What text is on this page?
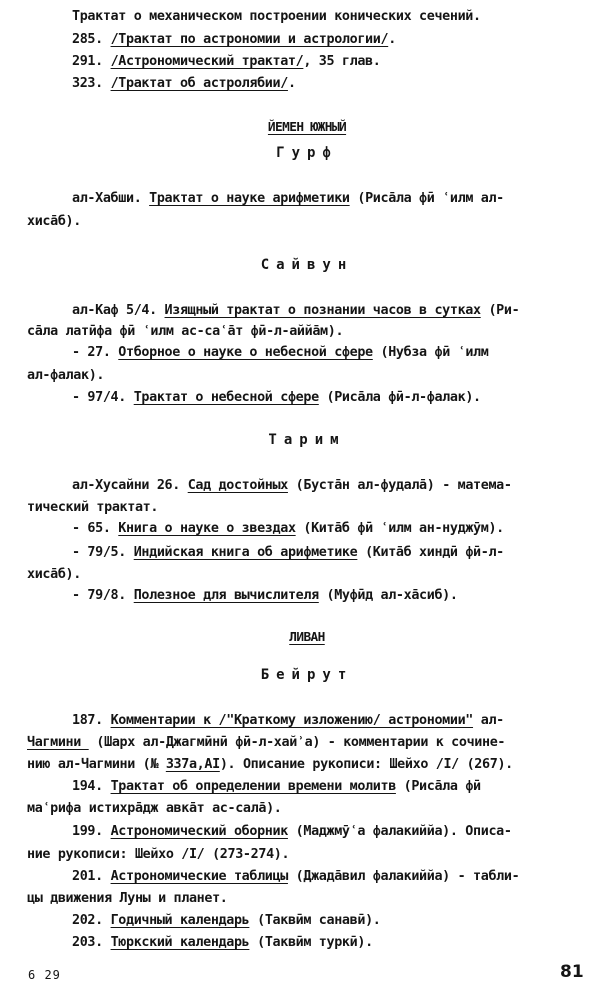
Трактат о механическом построении конических сечений.
285. /Трактат по астрономии и астрологии/.
291. /Астрономический трактат/, 35 глав.
323. /Трактат об астролябии/.
ЙЕМЕН ЮЖНЫЙ
Гурф
ал-Хабши. Трактат о науке арифметики (Рисāла фӣ ʿилм ал-
хисāб).
Сайвун
ал-Каф 5/4. Изящный трактат о познании часов в сутках (Ри-
сāла латӣфа фӣ ʿилм ас-саʿāт фӣ-л-аййāм).
- 27. Отборное о науке о небесной сфере (Нубза фӣ ʿилм
ал-фалак).
- 97/4. Трактат о небесной сфере (Рисāла фӣ-л-фалак).
Тарим
ал-Хусайни 26. Сад достойных (Бустāн ал-фудалā) - матема-
тический трактат.
- 65. Книга о науке о звездах (Китāб фӣ ʿилм ан-нуджӯм).
- 79/5. Индийская книга об арифметике (Китāб хиндӣ фӣ-л-
хисāб).
- 79/8. Полезное для вычислителя (Муфӣд ал-хāсиб).
ЛИВАН
Бейрут
187. Комментарии к /"Краткому изложению/ астрономии" ал-
Чагмини  (Шарх ал-Джагмӣнӣ фӣ-л-хайʾа) - комментарии к сочине-
нию ал-Чагмини (№ 337а,АI). Описание рукописи: Шейхо /I/ (267).
194. Трактат об определении времени молитв (Рисāла фӣ
маʿрифа истихрāдж авкāт ас-салā).
199. Астрономический оборник (Маджмӯʿа фалакиййа). Описа-
ние рукописи: Шейхо /I/ (273-274).
201. Астрономические таблицы (Джадāвил фалакиййа) - табли-
цы движения Луны и планет.
202. Годичный календарь (Таквӣм санавӣ).
203. Тюркский календарь (Таквӣм туркӣ).
6 29	81
